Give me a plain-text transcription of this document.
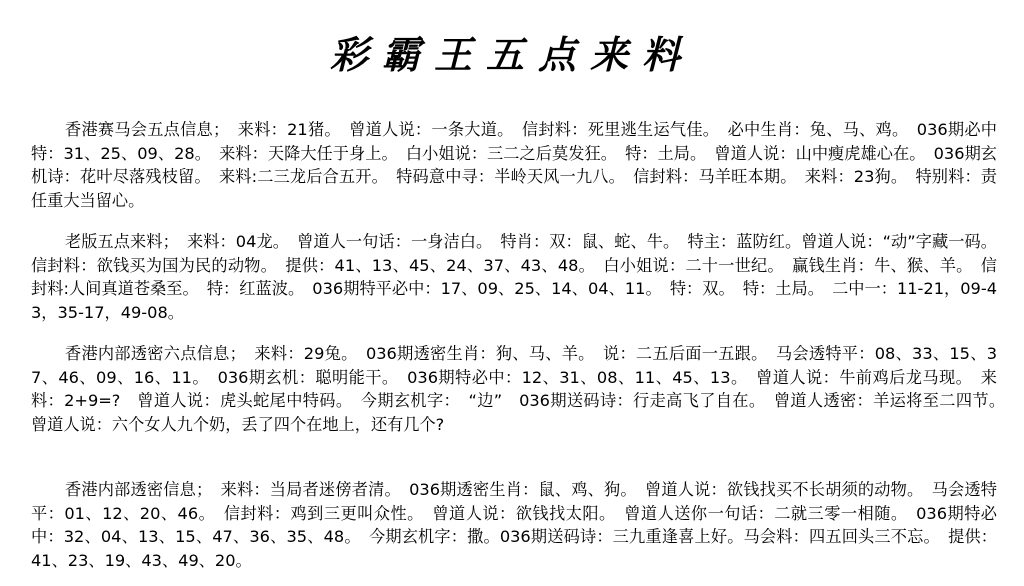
彩霸王五点来料

香港赛马会五点信息；　来料：21猪。　曾道人说：一条大道。　信封料：死里逃生运气佳。　必中生肖：兔、马、鸡。　036期必中特：31、25、09、28。　来料：天降大任于身上。　白小姐说：三二之后莫发狂。　特：土局。　曾道人说：山中瘦虎雄心在。　036期玄机诗：花叶尽落残枝留。　来料:二三龙后合五开。　特码意中寻：半岭天风一九八。　信封料：马羊旺本期。　来料：23狗。　特别料：责任重大当留心。

老版五点来料；　来料：04龙。　曾道人一句话：一身洁白。　特肖：双：鼠、蛇、牛。　特主：蓝防红。曾道人说：“动”字藏一码。信封料：欲钱买为国为民的动物。　提供：41、13、45、24、37、43、48。　白小姐说：二十一世纪。　赢钱生肖：牛、猴、羊。　信封料:人间真道苍桑至。　特：红蓝波。　036期特平必中：17、09、25、14、04、11。　特：双。　特：土局。　二中一：11-21，09-43，35-17，49-08。

香港内部透密六点信息；　来料：29兔。　036期透密生肖：狗、马、羊。　说：二五后面一五跟。　马会透特平：08、33、15、37、46、09、16、11。　036期玄机：聪明能干。　036期特必中：12、31、08、11、45、13。　曾道人说：牛前鸡后龙马现。　来料：2+9=?　曾道人说：虎头蛇尾中特码。　今期玄机字：　“边”　036期送码诗：行走高飞了自在。　曾道人透密：羊运将至二四节。　曾道人说：六个女人九个奶，丢了四个在地上，还有几个?

香港内部透密信息；　来料：当局者迷傍者清。　036期透密生肖：鼠、鸡、狗。　曾道人说：欲钱找买不长胡须的动物。　马会透特平：01、12、20、46。　信封料：鸡到三更叫众性。　曾道人说：欲钱找太阳。　曾道人送你一句话：二就三零一相随。　036期特必中：32、04、13、15、47、36、35、48。　今期玄机字：撒。036期送码诗：三九重逢喜上好。马会料：四五回头三不忘。　提供：41、23、19、43、49、20。
